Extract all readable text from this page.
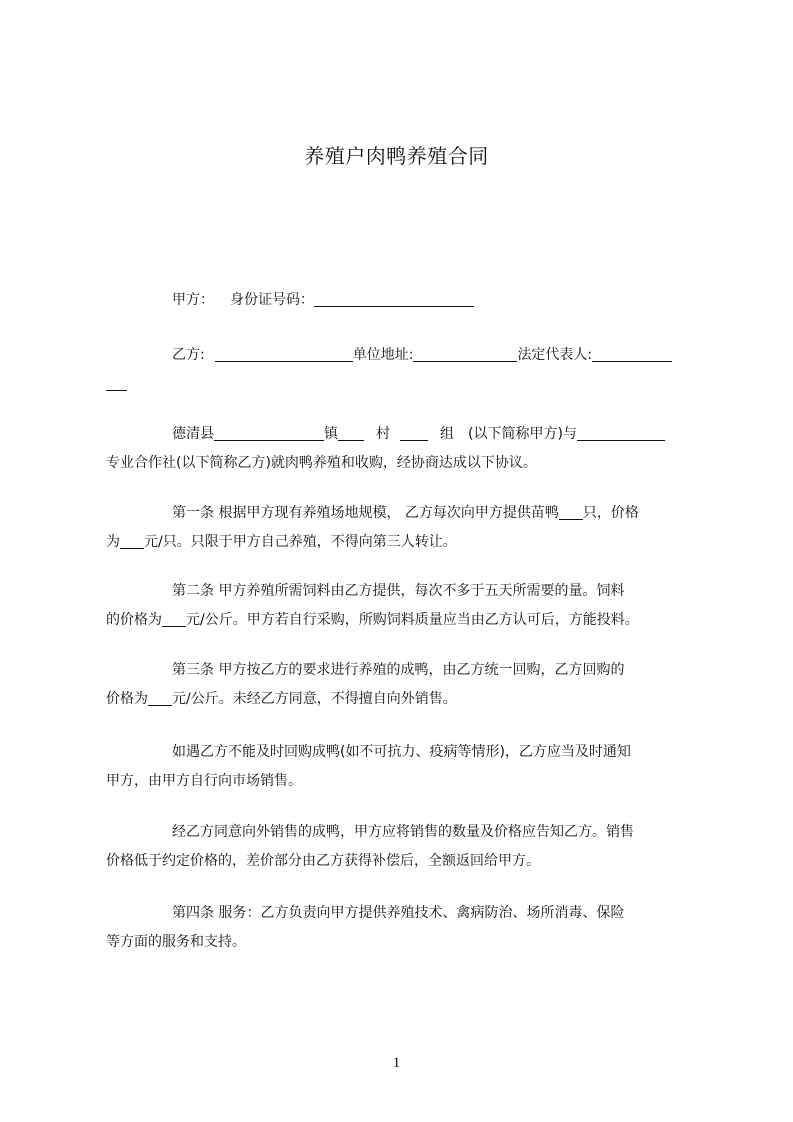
养殖户肉鸭养殖合同
甲方： 身份证号码：
乙方:	单位地址:	法定代表人:
德清县	镇	村	组 (以下简称甲方)与
专业合作社(以下简称乙方)就肉鸭养殖和收购，经协商达成以下协议。
第一条 根据甲方现有养殖场地规模， 乙方每次向甲方提供苗鸭 只，价格
为 元/只。只限于甲方自己养殖，不得向第三人转让。
第二条 甲方养殖所需饲料由乙方提供，每次不多于五天所需要的量。饲料
的价格为 元/公斤。甲方若自行采购，所购饲料质量应当由乙方认可后，方能投料。
第三条 甲方按乙方的要求进行养殖的成鸭，由乙方统一回购，乙方回购的
价格为 元/公斤。未经乙方同意，不得擅自向外销售。
如遇乙方不能及时回购成鸭(如不可抗力、疫病等情形)，乙方应当及时通知
甲方，由甲方自行向市场销售。
经乙方同意向外销售的成鸭，甲方应将销售的数量及价格应告知乙方。销售
价格低于约定价格的，差价部分由乙方获得补偿后，全额返回给甲方。
第四条 服务：乙方负责向甲方提供养殖技术、禽病防治、场所消毒、保险
等方面的服务和支持。
1
